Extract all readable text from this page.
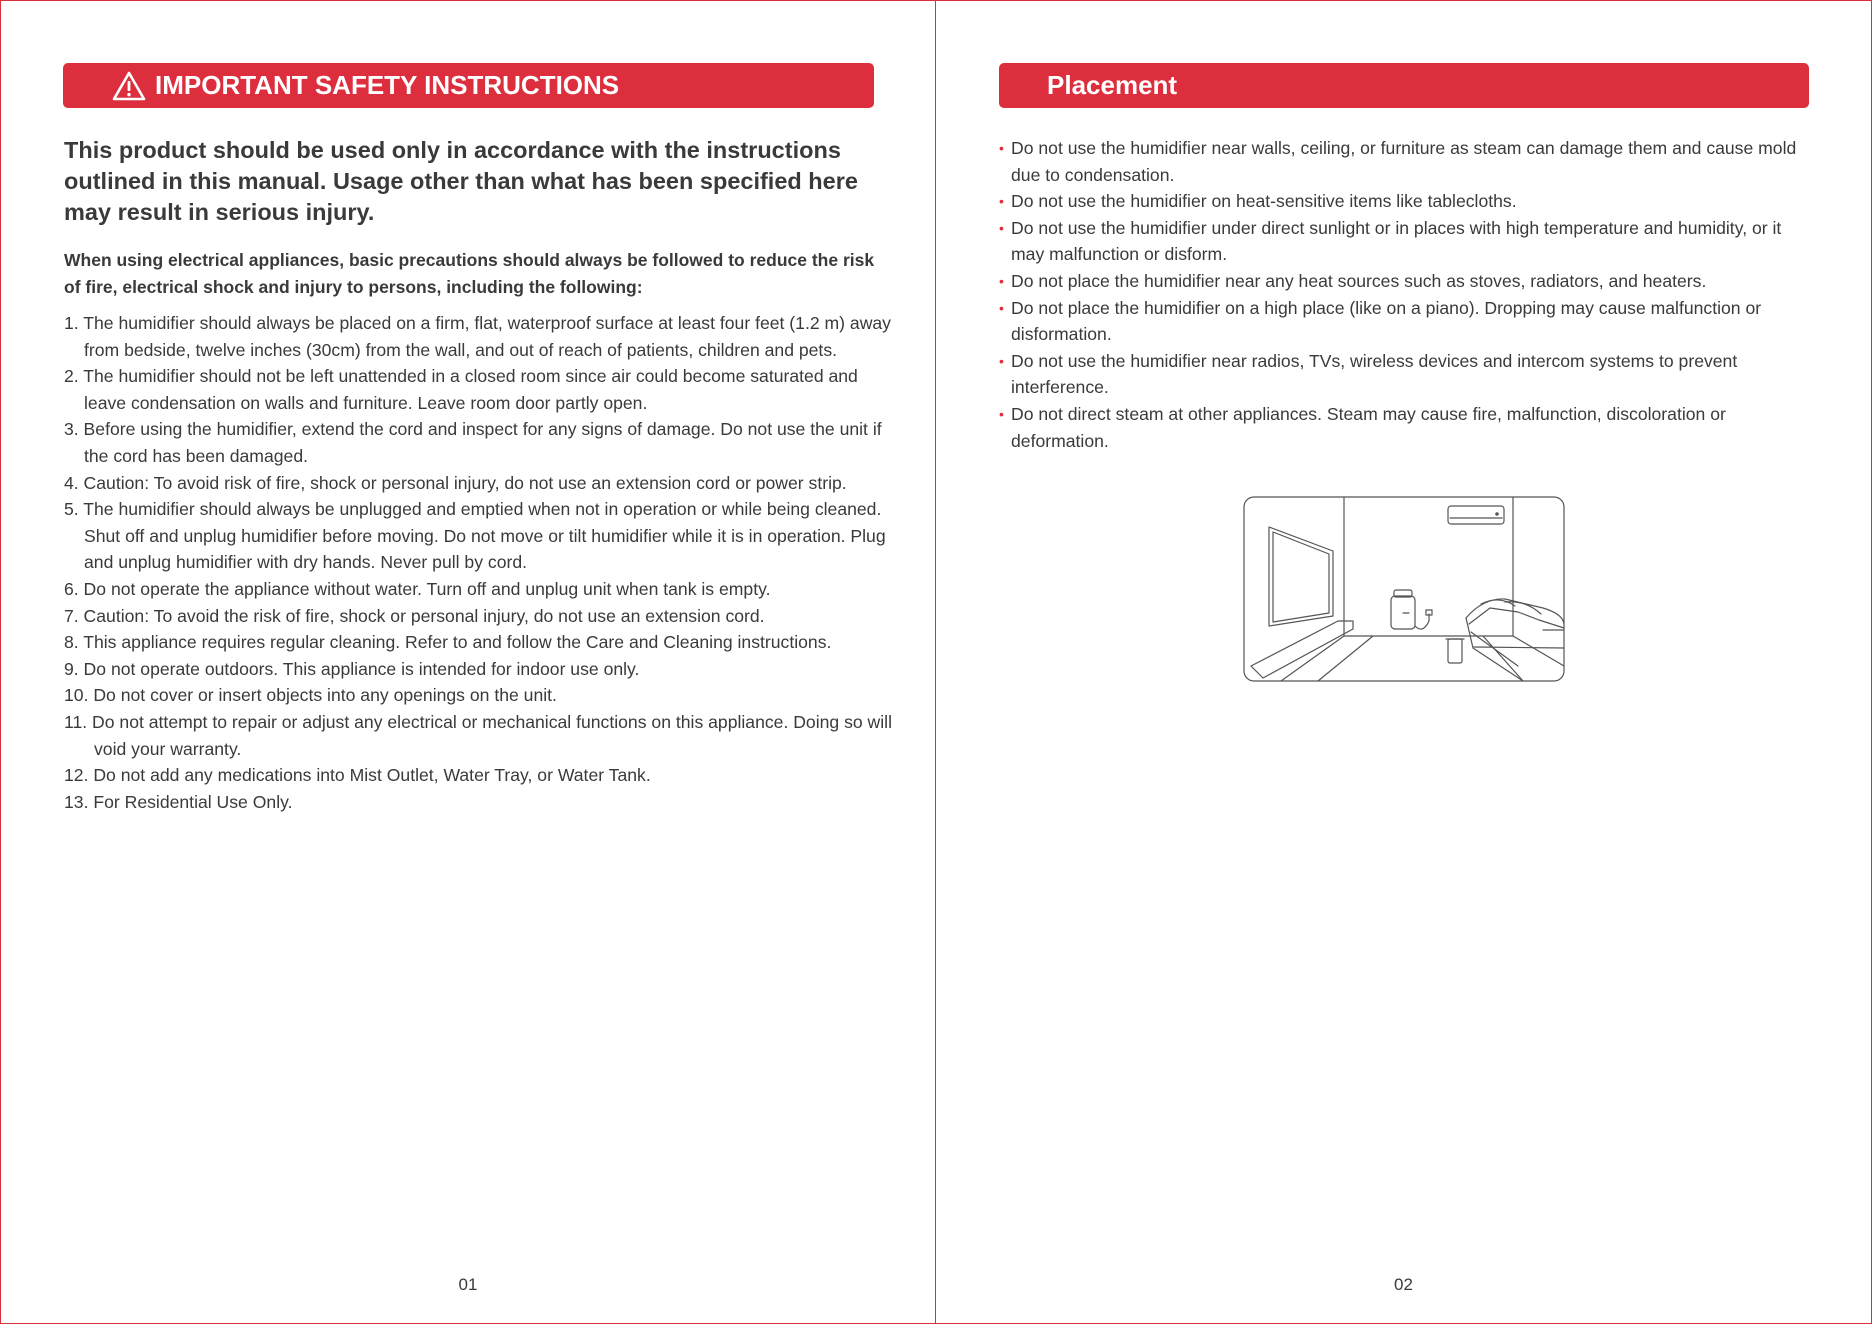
IMPORTANT SAFETY INSTRUCTIONS

This product should be used only in accordance with the instructions outlined in this manual. Usage other than what has been specified here may result in serious injury.

When using electrical appliances, basic precautions should always be followed to reduce the risk of fire, electrical shock and injury to persons, including the following:

1. The humidifier should always be placed on a firm, flat, waterproof surface at least four feet (1.2 m) away from bedside, twelve inches (30cm) from the wall, and out of reach of patients, children and pets.
2. The humidifier should not be left unattended in a closed room since air could become saturated and leave condensation on walls and furniture. Leave room door partly open.
3. Before using the humidifier, extend the cord and inspect for any signs of damage. Do not use the unit if the cord has been damaged.
4. Caution: To avoid risk of fire, shock or personal injury, do not use an extension cord or power strip.
5. The humidifier should always be unplugged and emptied when not in operation or while being cleaned. Shut off and unplug humidifier before moving. Do not move or tilt humidifier while it is in operation. Plug and unplug humidifier with dry hands. Never pull by cord.
6. Do not operate the appliance without water. Turn off and unplug unit when tank is empty.
7. Caution: To avoid the risk of fire, shock or personal injury, do not use an extension cord.
8. This appliance requires regular cleaning. Refer to and follow the Care and Cleaning instructions.
9. Do not operate outdoors. This appliance is intended for indoor use only.
10. Do not cover or insert objects into any openings on the unit.
11. Do not attempt to repair or adjust any electrical or mechanical functions on this appliance. Doing so will void your warranty.
12. Do not add any medications into Mist Outlet, Water Tray, or Water Tank.
13. For Residential Use Only.
01
Placement
• Do not use the humidifier near walls, ceiling, or furniture as steam can damage them and cause mold due to condensation.
• Do not use the humidifier on heat-sensitive items like tablecloths.
• Do not use the humidifier under direct sunlight or in places with high temperature and humidity, or it may malfunction or disform.
• Do not place the humidifier near any heat sources such as stoves, radiators, and heaters.
• Do not place the humidifier on a high place (like on a piano). Dropping may cause malfunction or disformation.
• Do not use the humidifier near radios, TVs, wireless devices and intercom systems to prevent interference.
• Do not direct steam at other appliances. Steam may cause fire, malfunction, discoloration or deformation.
02
